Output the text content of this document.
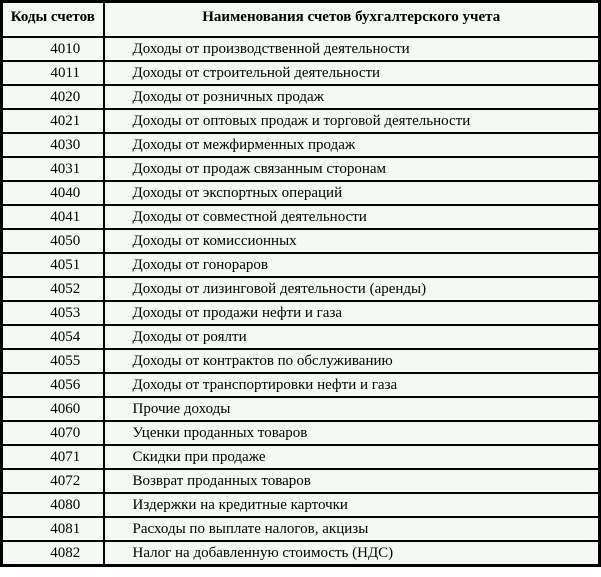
Коды счетов	Наименования счетов бухгалтерского учета
4010	Доходы от производственной деятельности
4011	Доходы от строительной деятельности
4020	Доходы от розничных продаж
4021	Доходы от оптовых продаж и торговой деятельности
4030	Доходы от межфирменных продаж
4031	Доходы от продаж связанным сторонам
4040	Доходы от экспортных операций
4041	Доходы от совместной деятельности
4050	Доходы от комиссионных
4051	Доходы от гонораров
4052	Доходы от лизинговой деятельности (аренды)
4053	Доходы от продажи нефти и газа
4054	Доходы от роялти
4055	Доходы от контрактов по обслуживанию
4056	Доходы от транспортировки нефти и газа
4060	Прочие доходы
4070	Уценки проданных товаров
4071	Скидки при продаже
4072	Возврат проданных товаров
4080	Издержки на кредитные карточки
4081	Расходы по выплате налогов, акцизы
4082	Налог на добавленную стоимость (НДС)
